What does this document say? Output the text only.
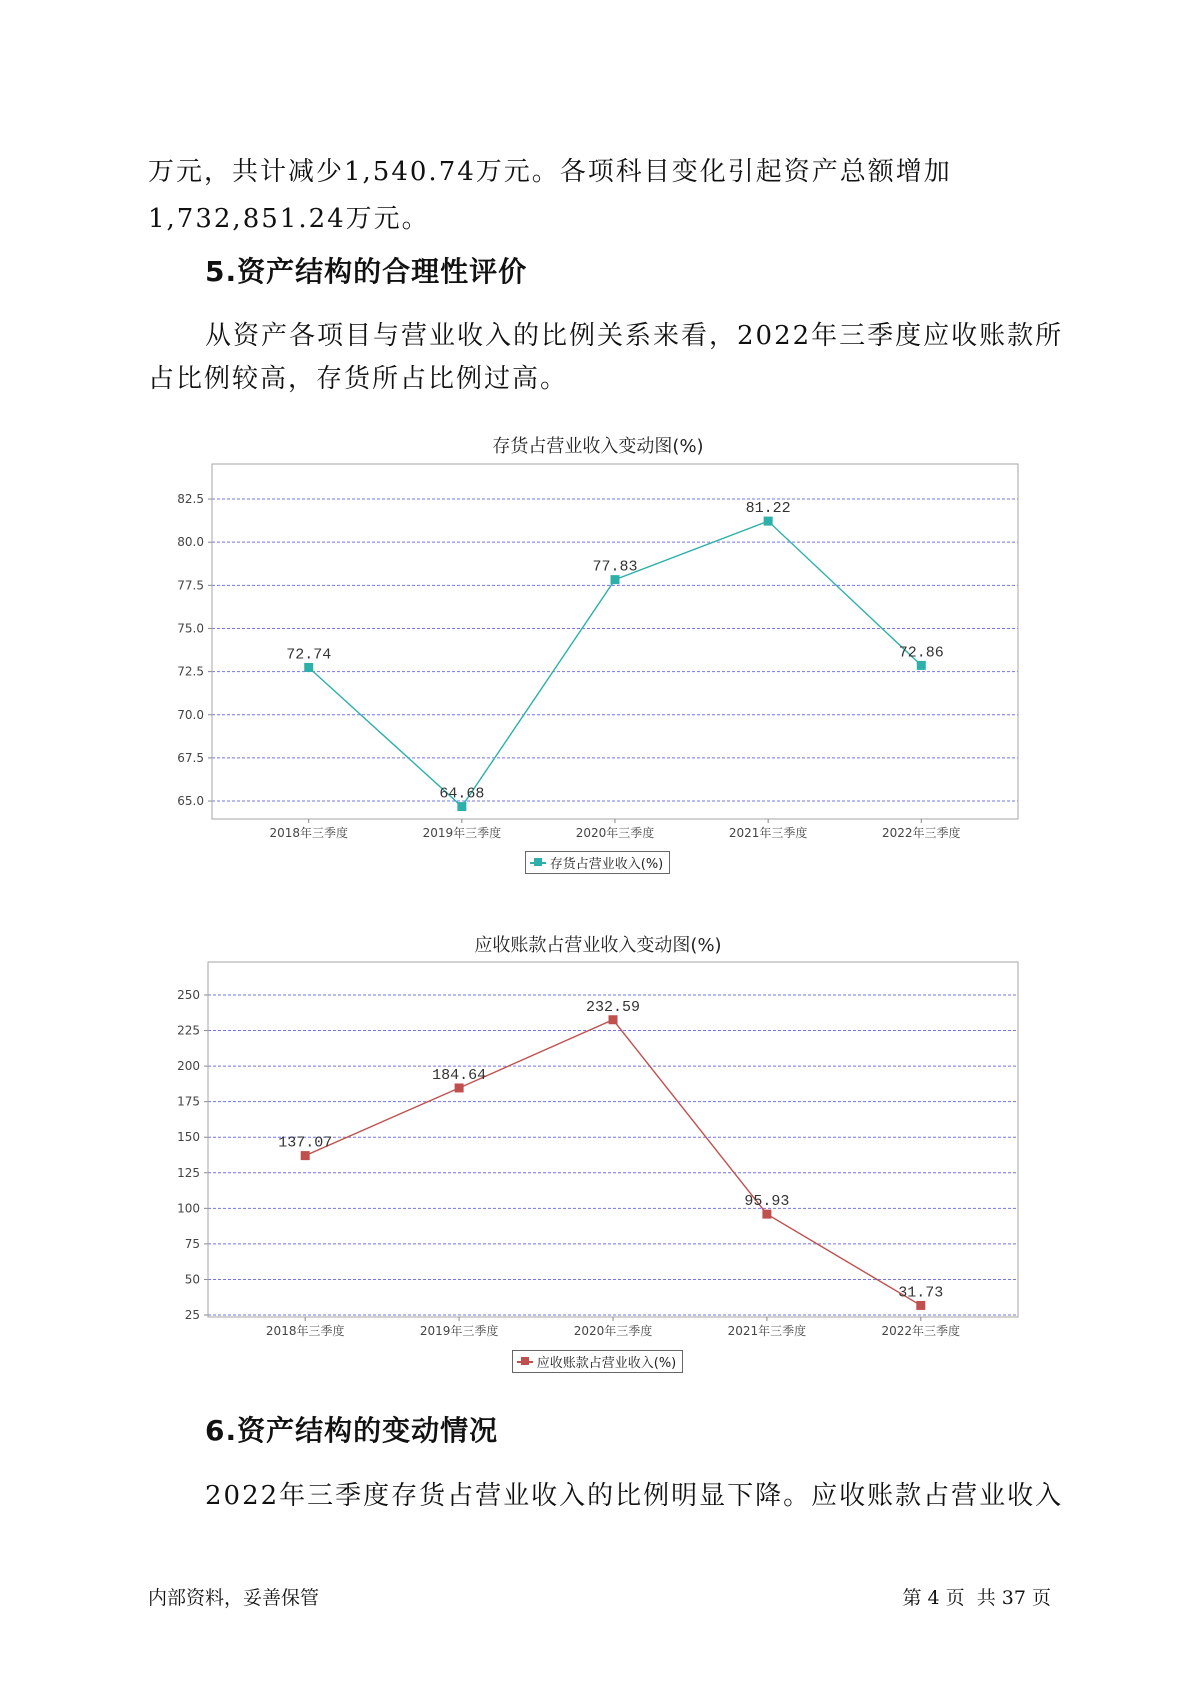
万元，共计减少1,540.74万元。各项科目变化引起资产总额增加
1,732,851.24万元。
5.资产结构的合理性评价
从资产各项目与营业收入的比例关系来看，2022年三季度应收账款所
占比例较高，存货所占比例过高。
存货占营业收入变动图(%)
65.0
67.5
70.0
72.5
75.0
77.5
80.0
82.5
2018年三季度	2019年三季度	2020年三季度	2021年三季度	2022年三季度
72.74
64.68
77.83
81.22
72.86
存货占营业收入(%)
应收账款占营业收入变动图(%)
25
50
75
100
125
150
175
200
225
250
2018年三季度	2019年三季度	2020年三季度	2021年三季度	2022年三季度
137.07
184.64
232.59
95.93
31.73
应收账款占营业收入(%)
6.资产结构的变动情况
2022年三季度存货占营业收入的比例明显下降。应收账款占营业收入
内部资料，妥善保管	第 4 页  共 37 页
